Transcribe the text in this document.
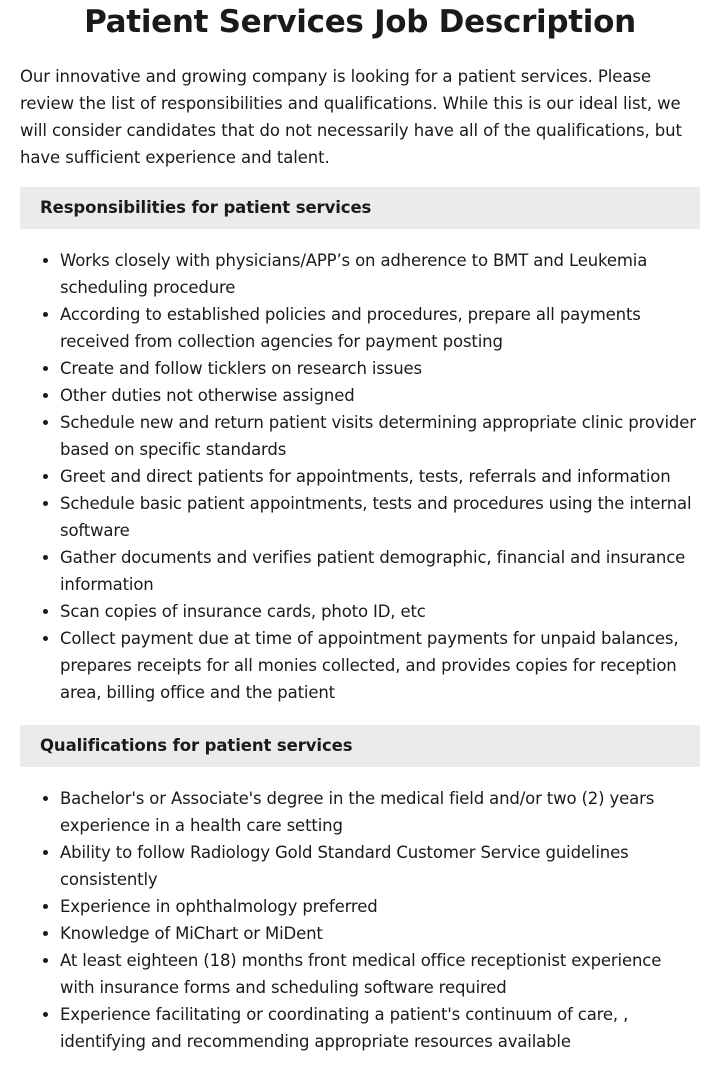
Patient Services Job Description

Our innovative and growing company is looking for a patient services. Please review the list of responsibilities and qualifications. While this is our ideal list, we will consider candidates that do not necessarily have all of the qualifications, but have sufficient experience and talent.

Responsibilities for patient services
• Works closely with physicians/APP’s on adherence to BMT and Leukemia scheduling procedure
• According to established policies and procedures, prepare all payments received from collection agencies for payment posting
• Create and follow ticklers on research issues
• Other duties not otherwise assigned
• Schedule new and return patient visits determining appropriate clinic provider based on specific standards
• Greet and direct patients for appointments, tests, referrals and information
• Schedule basic patient appointments, tests and procedures using the internal software
• Gather documents and verifies patient demographic, financial and insurance information
• Scan copies of insurance cards, photo ID, etc
• Collect payment due at time of appointment payments for unpaid balances, prepares receipts for all monies collected, and provides copies for reception area, billing office and the patient
Qualifications for patient services
• Bachelor's or Associate's degree in the medical field and/or two (2) years experience in a health care setting
• Ability to follow Radiology Gold Standard Customer Service guidelines consistently
• Experience in ophthalmology preferred
• Knowledge of MiChart or MiDent
• At least eighteen (18) months front medical office receptionist experience with insurance forms and scheduling software required
• Experience facilitating or coordinating a patient's continuum of care, , identifying and recommending appropriate resources available
